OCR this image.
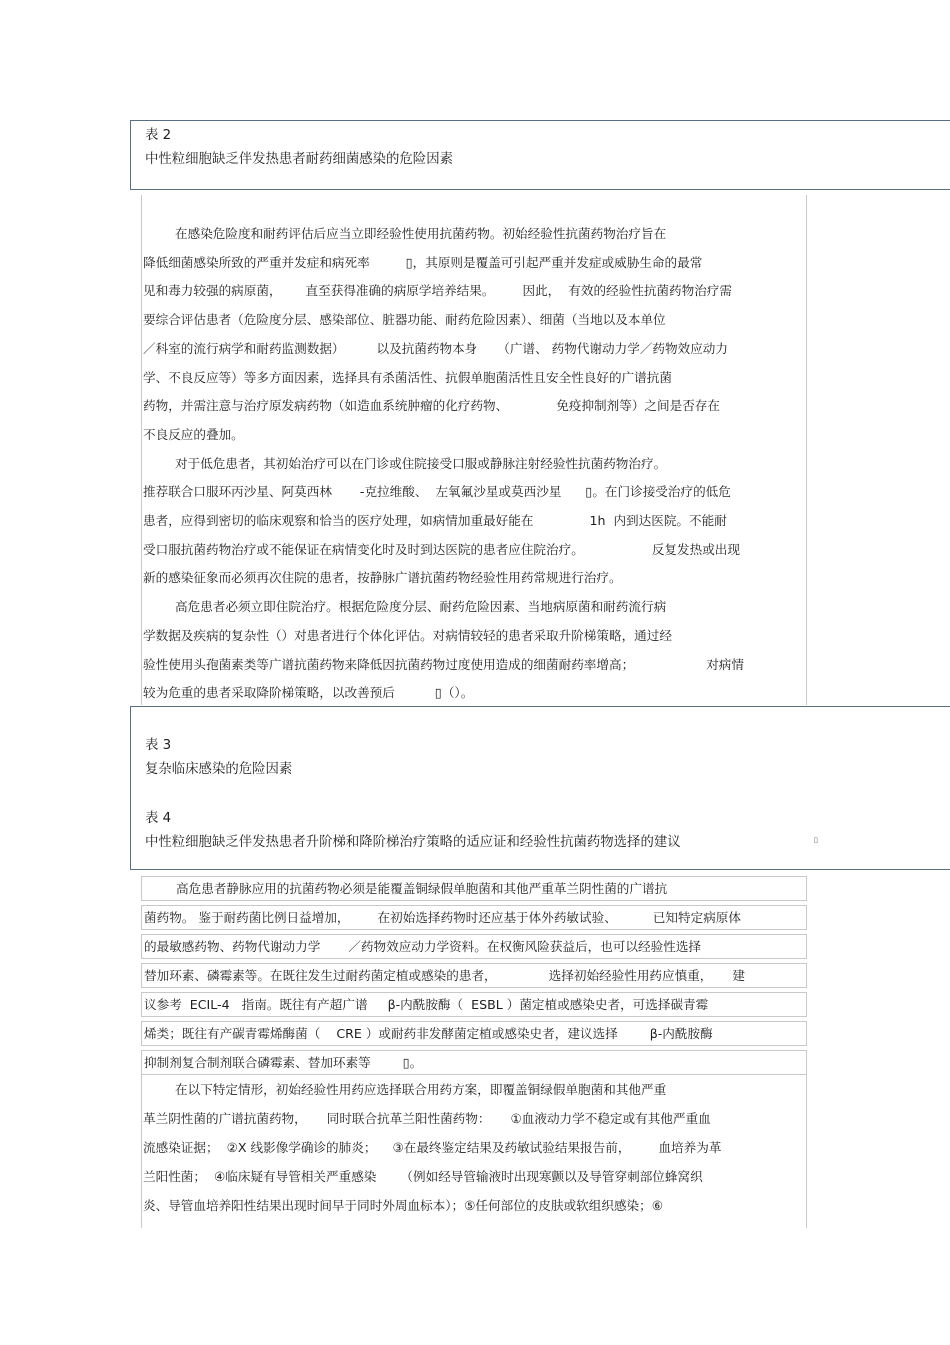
表 2
中性粒细胞缺乏伴发热患者耐药细菌感染的危险因素
在感染危险度和耐药评估后应当立即经验性使用抗菌药物。初始经验性抗菌药物治疗旨在
降低细菌感染所致的严重并发症和病死率         ▯，其原则是覆盖可引起严重并发症或威胁生命的最常
见和毒力较强的病原菌，      直至获得准确的病原学培养结果。       因此，  有效的经验性抗菌药物治疗需
要综合评估患者（危险度分层、感染部位、脏器功能、耐药危险因素）、细菌（当地以及本单位
／科室的流行病学和耐药监测数据）        以及抗菌药物本身     （广谱、 药物代谢动力学／药物效应动力
学、不良反应等）等多方面因素，选择具有杀菌活性、抗假单胞菌活性且安全性良好的广谱抗菌
药物，并需注意与治疗原发病药物（如造血系统肿瘤的化疗药物、            免疫抑制剂等）之间是否存在
不良反应的叠加。
对于低危患者，其初始治疗可以在门诊或住院接受口服或静脉注射经验性抗菌药物治疗。
推荐联合口服环丙沙星、阿莫西林       -克拉维酸、  左氧氟沙星或莫西沙星      ▯。在门诊接受治疗的低危
患者，应得到密切的临床观察和恰当的医疗处理，如病情加重最好能在              1h  内到达医院。不能耐
受口服抗菌药物治疗或不能保证在病情变化时及时到达医院的患者应住院治疗。                 反复发热或出现
新的感染征象而必须再次住院的患者，按静脉广谱抗菌药物经验性用药常规进行治疗。
高危患者必须立即住院治疗。根据危险度分层、耐药危险因素、当地病原菌和耐药流行病
学数据及疾病的复杂性（）对患者进行个体化评估。对病情较轻的患者采取升阶梯策略，通过经
验性使用头孢菌素类等广谱抗菌药物来降低因抗菌药物过度使用造成的细菌耐药率增高；                  对病情
较为危重的患者采取降阶梯策略，以改善预后          ▯（）。
表 3
复杂临床感染的危险因素
表 4
中性粒细胞缺乏伴发热患者升阶梯和降阶梯治疗策略的适应证和经验性抗菌药物选择的建议	▯
高危患者静脉应用的抗菌药物必须是能覆盖铜绿假单胞菌和其他严重革兰阴性菌的广谱抗
菌药物。 鉴于耐药菌比例日益增加，       在初始选择药物时还应基于体外药敏试验、         已知特定病原体
的最敏感药物、药物代谢动力学       ／药物效应动力学资料。在权衡风险获益后，也可以经验性选择
替加环素、磷霉素等。在既往发生过耐药菌定植或感染的患者，             选择初始经验性用药应慎重，     建
议参考  ECIL-4   指南。既往有产超广谱     β-内酰胺酶（  ESBL ）菌定植或感染史者，可选择碳青霉
烯类；既往有产碳青霉烯酶菌（    CRE ）或耐药非发酵菌定植或感染史者，建议选择        β-内酰胺酶
抑制剂复合制剂联合磷霉素、替加环素等        ▯。
在以下特定情形，初始经验性用药应选择联合用药方案，即覆盖铜绿假单胞菌和其他严重
革兰阴性菌的广谱抗菌药物，     同时联合抗革兰阳性菌药物：     ①血液动力学不稳定或有其他严重血
流感染证据；  ②X 线影像学确诊的肺炎；    ③在最终鉴定结果及药敏试验结果报告前，       血培养为革
兰阳性菌；  ④临床疑有导管相关严重感染      （例如经导管输液时出现寒颤以及导管穿刺部位蜂窝织
炎、导管血培养阳性结果出现时间早于同时外周血标本）；⑤任何部位的皮肤或软组织感染；⑥
